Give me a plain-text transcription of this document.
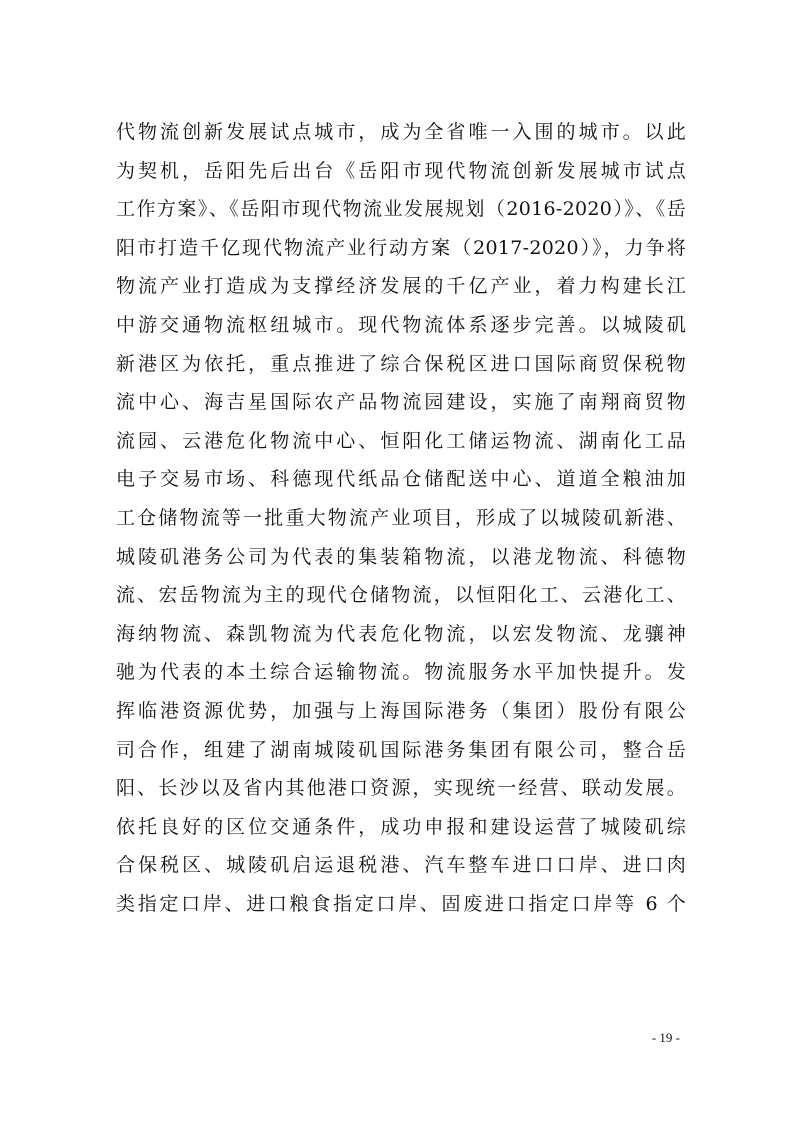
代物流创新发展试点城市，成为全省唯一入围的城市。以此
为契机，岳阳先后出台《岳阳市现代物流创新发展城市试点
工作方案》、《岳阳市现代物流业发展规划（2016-2020）》、《岳
阳市打造千亿现代物流产业行动方案（2017-2020）》，力争将
物流产业打造成为支撑经济发展的千亿产业，着力构建长江
中游交通物流枢纽城市。现代物流体系逐步完善。以城陵矶
新港区为依托，重点推进了综合保税区进口国际商贸保税物
流中心、海吉星国际农产品物流园建设，实施了南翔商贸物
流园、云港危化物流中心、恒阳化工储运物流、湖南化工品
电子交易市场、科德现代纸品仓储配送中心、道道全粮油加
工仓储物流等一批重大物流产业项目，形成了以城陵矶新港、
城陵矶港务公司为代表的集装箱物流，以港龙物流、科德物
流、宏岳物流为主的现代仓储物流，以恒阳化工、云港化工、
海纳物流、森凯物流为代表危化物流，以宏发物流、龙骧神
驰为代表的本土综合运输物流。物流服务水平加快提升。发
挥临港资源优势，加强与上海国际港务（集团）股份有限公
司合作，组建了湖南城陵矶国际港务集团有限公司，整合岳
阳、长沙以及省内其他港口资源，实现统一经营、联动发展。
依托良好的区位交通条件，成功申报和建设运营了城陵矶综
合保税区、城陵矶启运退税港、汽车整车进口口岸、进口肉
类指定口岸、进口粮食指定口岸、固废进口指定口岸等 6 个
- 19 -
